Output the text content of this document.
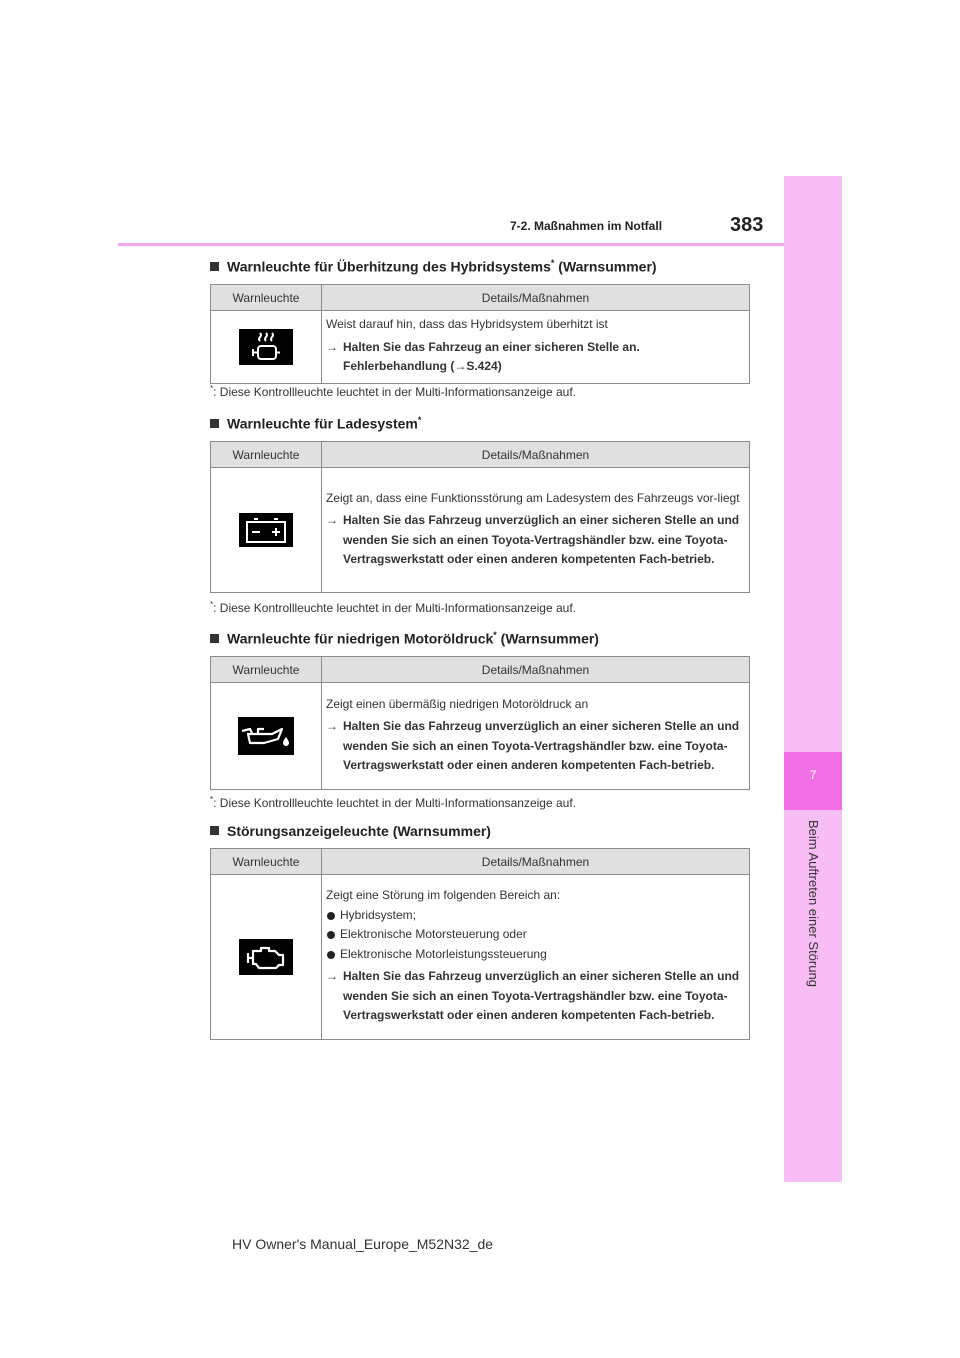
7-2. Maßnahmen im Notfall	383
7
Beim Auftreten einer Störung
Warnleuchte für Überhitzung des Hybridsystems* (Warnsummer)
Warnleuchte	Details/Maßnahmen

Weist darauf hin, dass das Hybridsystem überhitzt ist
→ Halten Sie das Fahrzeug an einer sicheren Stelle an. Fehlerbehandlung (→S.424)
*: Diese Kontrollleuchte leuchtet in der Multi-Informationsanzeige auf.
Warnleuchte für Ladesystem*
Warnleuchte	Details/Maßnahmen

Zeigt an, dass eine Funktionsstörung am Ladesystem des Fahrzeugs vor-liegt
→ Halten Sie das Fahrzeug unverzüglich an einer sicheren Stelle an und wenden Sie sich an einen Toyota-Vertragshändler bzw. eine Toyota-Vertragswerkstatt oder einen anderen kompetenten Fach-betrieb.
*: Diese Kontrollleuchte leuchtet in der Multi-Informationsanzeige auf.
Warnleuchte für niedrigen Motoröldruck* (Warnsummer)
Warnleuchte	Details/Maßnahmen

Zeigt einen übermäßig niedrigen Motoröldruck an
→ Halten Sie das Fahrzeug unverzüglich an einer sicheren Stelle an und wenden Sie sich an einen Toyota-Vertragshändler bzw. eine Toyota-Vertragswerkstatt oder einen anderen kompetenten Fach-betrieb.
*: Diese Kontrollleuchte leuchtet in der Multi-Informationsanzeige auf.
Störungsanzeigeleuchte (Warnsummer)
Warnleuchte	Details/Maßnahmen

Zeigt eine Störung im folgenden Bereich an:
Hybridsystem;
Elektronische Motorsteuerung oder
Elektronische Motorleistungssteuerung
→ Halten Sie das Fahrzeug unverzüglich an einer sicheren Stelle an und wenden Sie sich an einen Toyota-Vertragshändler bzw. eine Toyota-Vertragswerkstatt oder einen anderen kompetenten Fach-betrieb.
HV Owner's Manual_Europe_M52N32_de
